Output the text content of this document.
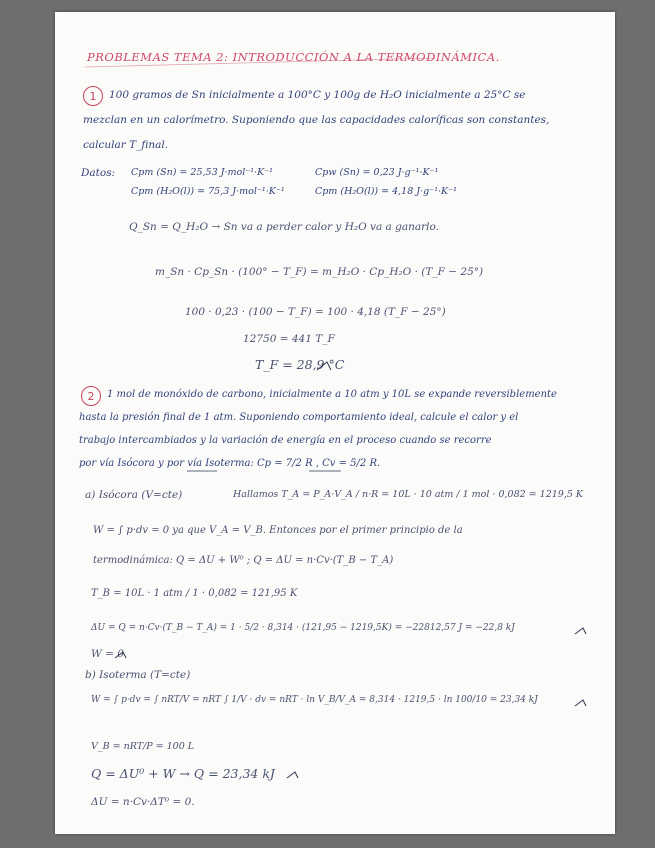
PROBLEMAS TEMA 2: INTRODUCCIÓN A LA TERMODINÁMICA.
1	100 gramos de Sn inicialmente a 100°C y 100g de H₂O inicialmente a 25°C se
mezclan en un calorímetro. Suponiendo que las capacidades caloríficas son constantes,
calcular T_final.
Datos: Cpm (Sn) = 25,53 J·mol⁻¹·K⁻¹	Cpw (Sn) = 0,23 J·g⁻¹·K⁻¹
Cpm (H₂O(l)) = 75,3 J·mol⁻¹·K⁻¹	Cpm (H₂O(l)) = 4,18 J·g⁻¹·K⁻¹
Q_Sn = Q_H₂O → Sn va a perder calor y H₂O va a ganarlo.
m_Sn · Cp_Sn · (100° − T_F) = m_H₂O · Cp_H₂O · (T_F − 25°)
100 · 0,23 · (100 − T_F) = 100 · 4,18 (T_F − 25°)
12750 = 441 T_F
T_F = 28,9 °C
2	1 mol de monóxido de carbono, inicialmente a 10 atm y 10L se expande reversiblemente
hasta la presión final de 1 atm. Suponiendo comportamiento ideal, calcule el calor y el
trabajo intercambiados y la variación de energía en el proceso cuando se recorre
por vía Isócora y por vía Isoterma: Cp = 7/2 R , Cv = 5/2 R.
a) Isócora (V=cte)	Hallamos T_A = P_A·V_A / n·R = 10L · 10 atm / 1 mol · 0,082 = 1219,5 K
W = ∫ p·dv = 0 ya que V_A = V_B. Entonces por el primer principio de la
termodinámica: Q = ΔU + W⁰ ; Q = ΔU = n·Cv·(T_B − T_A)
T_B = 10L · 1 atm / 1 · 0,082 = 121,95 K
ΔU = Q = n·Cv·(T_B − T_A) = 1 · 5/2 · 8,314 · (121,95 − 1219,5K) = −22812,57 J = −22,8 kJ
W = 0
b) Isoterma (T=cte)
W = ∫ p·dv = ∫ nRT/V = nRT ∫ 1/V · dv = nRT · ln V_B/V_A = 8,314 · 1219,5 · ln 100/10 = 23,34 kJ
V_B = nRT/P = 100 L
Q = ΔU⁰ + W → Q = 23,34 kJ
ΔU = n·Cv·ΔT⁰ = 0.
